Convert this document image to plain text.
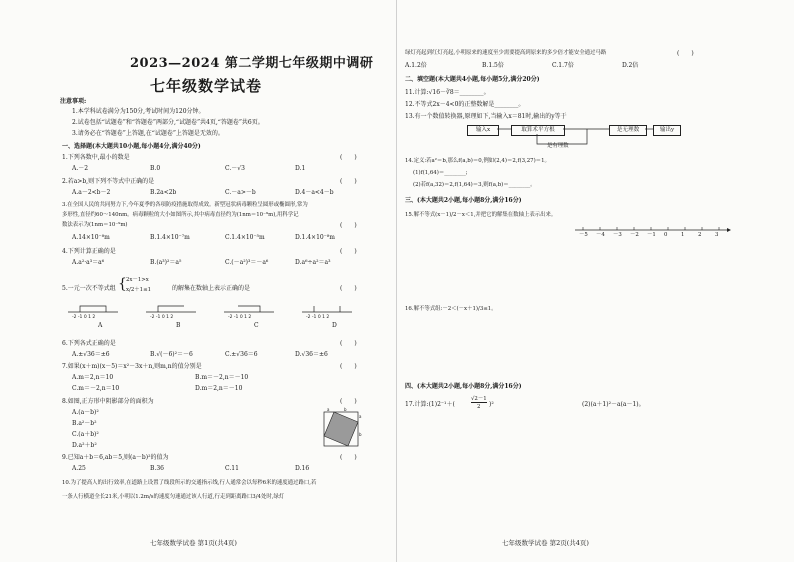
2023—2024 第二学期七年级期中调研
七年级数学试卷
注意事项:
1.本学科试卷满分为150分,考试时间为120分钟。
2.试卷包括“试题卷”和“答题卷”两部分,“试题卷”共4页,“答题卷”共6页。
3.请务必在“答题卷”上答题,在“试题卷”上答题是无效的。
一、选择题(本大题共10小题,每小题4分,满分40分)
1.下列各数中,最小的数是	(　　)
A.－2	B.0	C.－√3	D.1
2.若a>b,则下列不等式中正确的是	(　　)
A.a－2<b－2	B.2a<2b	C.－a>－b	D.4－a<4－b
3.在全国人民的共同努力下,今年夏季的各项防疫措施取得成效。新型冠状病毒颗粒呈圆形或椭圆形,常为
多形性,直径约60～140nm。病毒颗粒的大小如图所示,其中病毒直径约为(1nm＝10⁻⁹m),用科学记
数法表示为(1nm＝10⁻⁹m)	(　　)
A.14×10⁻⁸m	B.1.4×10⁻⁷m	C.1.4×10⁻⁵m	D.1.4×10⁻⁸m
4.下列计算正确的是	(　　)
A.a²·a³＝a⁶	B.(a³)²＝a⁵	C.(－a²)³＝－a⁶	D.a⁶÷a²＝a³
5.一元一次不等式组 { 2x－1>x
x/2＋1≤1	的解集在数轴上表示正确的是	(　　)
-2 -1 0 1 2	-2 -1 0 1 2	-2 -1 0 1 2	-2 -1 0 1 2
A	B	C	D
6.下列各式正确的是	(　　)
A.±√36＝±6	B.√(－6)²＝－6	C.±√36＝6	D.√36＝±6
7.如果(x＋m)(x－5)＝x²－3x＋n,则m,n的值分别是	(　　)
A.m＝2,n＝10	B.m＝－2,n＝－10
C.m＝－2,n＝10	D.m＝2,n＝－10
8.如图,正方形中阴影部分的面积为	(　　)
A.(a－b)²
B.a²－b²
C.(a＋b)²
D.a²＋b²
a	b
a
b
9.已知a＋b＝6,ab＝5,则(a－b)²的值为	(　　)
A.25	B.36	C.11	D.16
10.为了提高人的出行效率,在道路上设置了线段所示的交通指示线,行人通常会以每秒6米的速度通过路口,若
一条人行横道全长21米,小明以1.2m/s的速度匀速通过该人行道,行走到距离路口3/4处时,绿灯
七年级数学试卷 第1页(共4页)
绿灯亮起到红灯亮起,小明原来的速度至少需要提高到原来的多少倍才能安全通过马路	(　　)
A.1.2倍	B.1.5倍	C.1.7倍	D.2倍
二、填空题(本大题共4小题,每小题5分,满分20分)
11.计算:√16－∛8＝________。
12.不等式2x－4<0的正整数解是________。
13.有一个数值转换器,原理如下,当输入x＝81时,输出的y等于
输入x	取算术平方根	是无理数	输出y
是有理数
14.定义:若a²＝b,那么f(a,b)＝0,例如(2,4)＝2,f(3,27)＝1。
(1)f(1,64)＝________;
(2)若f(a,32)＝2,f(1,64)＝3,则f(a,b)＝________。
三、(本大题共2小题,每小题8分,满分16分)
15.解不等式(x－1)/2－x＜1,并把它的解集在数轴上表示出来。
－5 －4 －3 －2 －1 0	1	2	3
16.解不等式组:－2＜(－x＋1)/3≤1。
四、(本大题共2小题,每小题8分,满分16分)
17.计算:(1)2⁻¹＋(
√2－1
2 )²	(2)(a＋1)²－a(a－1)。
七年级数学试卷 第2页(共4页)
